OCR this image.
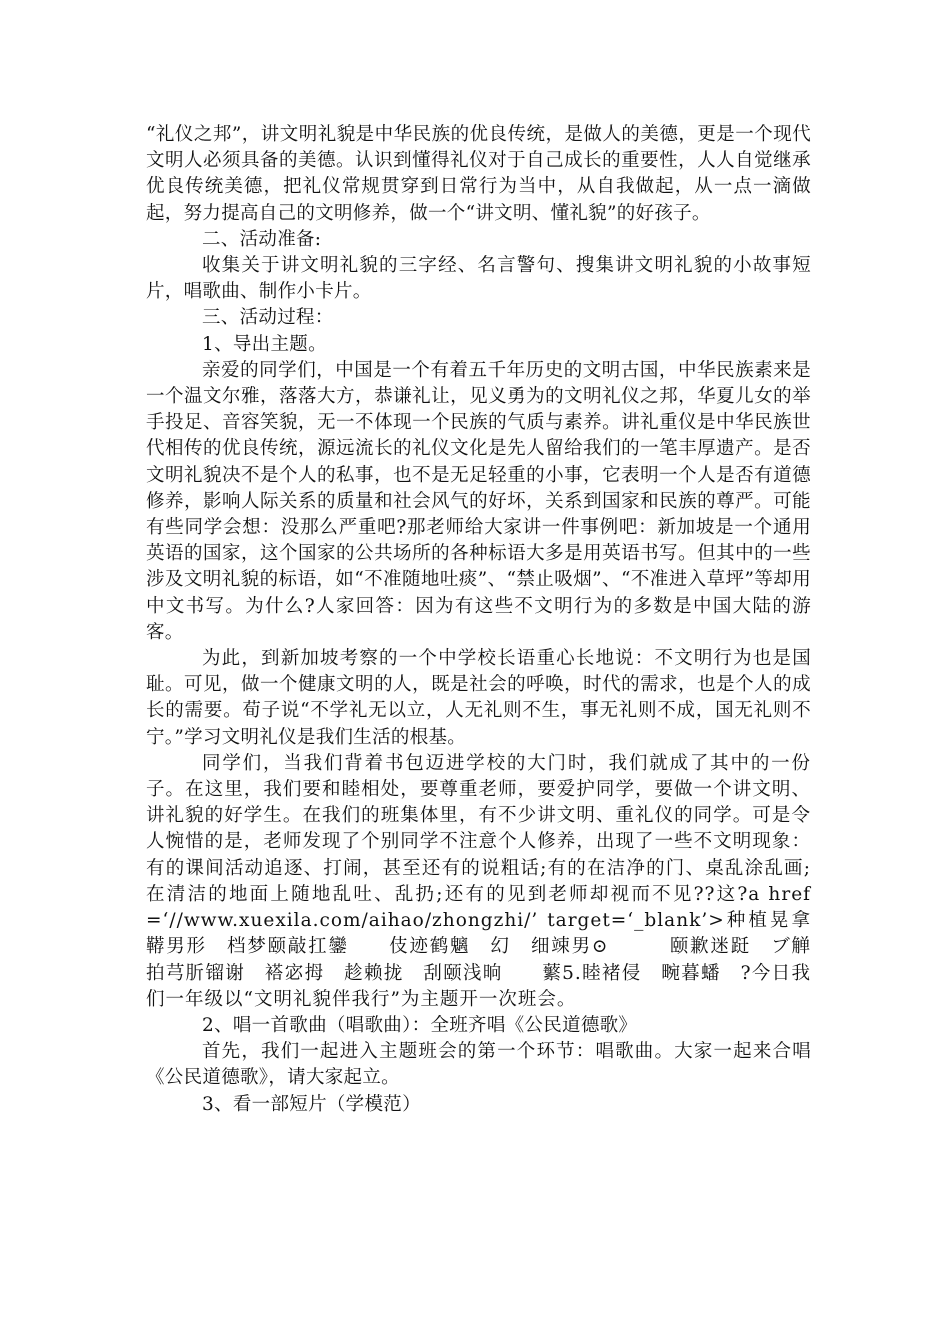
“礼仪之邦”，讲文明礼貌是中华民族的优良传统，是做人的美德，更是一个现代文明人必须具备的美德。认识到懂得礼仪对于自己成长的重要性，人人自觉继承优良传统美德，把礼仪常规贯穿到日常行为当中，从自我做起，从一点一滴做起，努力提高自己的文明修养，做一个“讲文明、懂礼貌”的好孩子。

二、活动准备:

收集关于讲文明礼貌的三字经、名言警句、搜集讲文明礼貌的小故事短片，唱歌曲、制作小卡片。

三、活动过程：

1、导出主题。

亲爱的同学们，中国是一个有着五千年历史的文明古国，中华民族素来是一个温文尔雅，落落大方，恭谦礼让，见义勇为的文明礼仪之邦，华夏儿女的举手投足、音容笑貌，无一不体现一个民族的气质与素养。讲礼重仪是中华民族世代相传的优良传统，源远流长的礼仪文化是先人留给我们的一笔丰厚遗产。是否文明礼貌决不是个人的私事，也不是无足轻重的小事，它表明一个人是否有道德修养，影响人际关系的质量和社会风气的好坏，关系到国家和民族的尊严。可能有些同学会想：没那么严重吧?那老师给大家讲一件事例吧：新加坡是一个通用英语的国家，这个国家的公共场所的各种标语大多是用英语书写。但其中的一些涉及文明礼貌的标语，如“不准随地吐痰”、“禁止吸烟”、“不准进入草坪”等却用中文书写。为什么?人家回答：因为有这些不文明行为的多数是中国大陆的游客。

为此，到新加坡考察的一个中学校长语重心长地说：不文明行为也是国耻。可见，做一个健康文明的人，既是社会的呼唤，时代的需求，也是个人的成长的需要。荀子说“不学礼无以立，人无礼则不生，事无礼则不成，国无礼则不宁。”学习文明礼仪是我们生活的根基。

同学们，当我们背着书包迈进学校的大门时，我们就成了其中的一份子。在这里，我们要和睦相处，要尊重老师，要爱护同学，要做一个讲文明、讲礼貌的好学生。在我们的班集体里，有不少讲文明、重礼仪的同学。可是令人惋惜的是，老师发现了个别同学不注意个人修养，出现了一些不文明现象：有的课间活动追逐、打闹，甚至还有的说粗话;有的在洁净的门、桌乱涂乱画;在清洁的地面上随地乱吐、乱扔;还有的见到老师却视而不见??这?a href=‘//www.xuexila.com/aihao/zhongzhi/’ target=‘_blank’>种植晃拿鞯男形　档梦颐敲扛鑾　　伎迹鹤魑　幻　细竦男⊙　　　颐歉迷跹　ブ觯　拍芎肵镏谢　褡宓拇　趁赖拢　刮颐浅晌　　蘩5.睦褚侵　畹暮蟠　?今日我们一年级以“文明礼貌伴我行”为主题开一次班会。

2、唱一首歌曲（唱歌曲）：全班齐唱《公民道德歌》

首先，我们一起进入主题班会的第一个环节：唱歌曲。大家一起来合唱《公民道德歌》，请大家起立。

3、看一部短片（学模范）
